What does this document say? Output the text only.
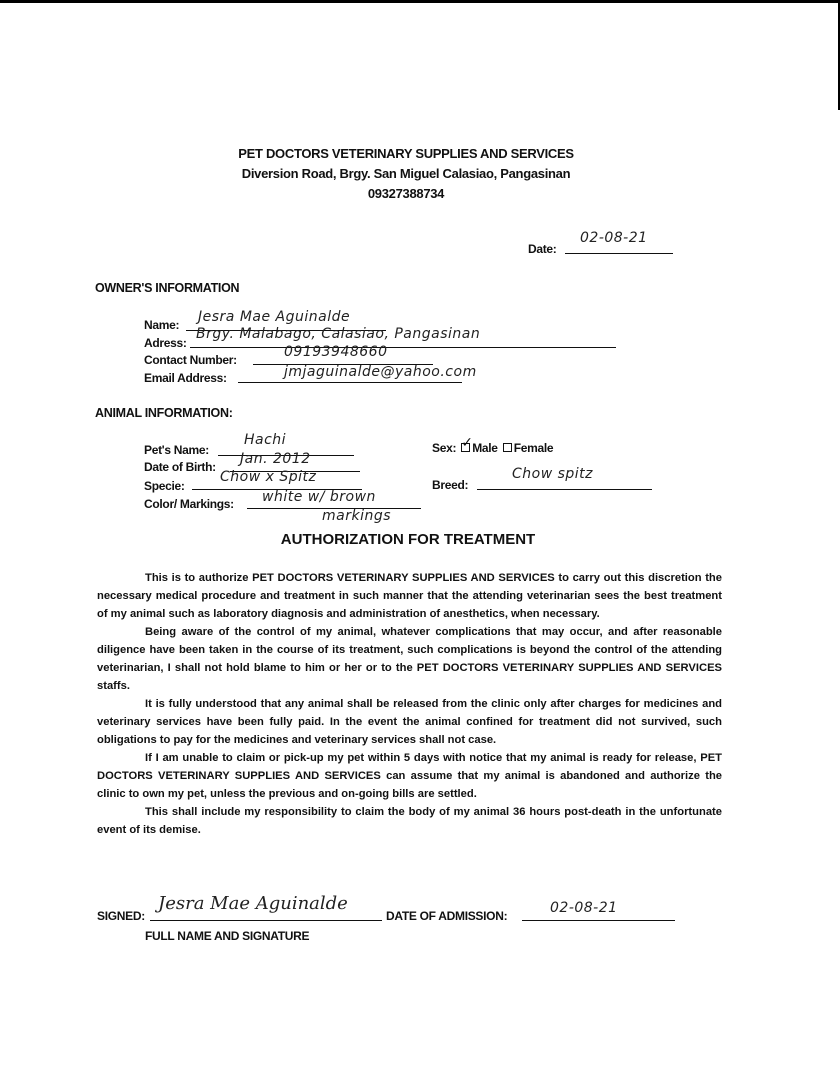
PET DOCTORS VETERINARY SUPPLIES AND SERVICES
Diversion Road, Brgy. San Miguel Calasiao, Pangasinan
09327388734
Date:
02-08-21
OWNER'S INFORMATION
Name: Jesra Mae Aguinalde
Adress:
Brgy. Malabago, Calasiao, Pangasinan
Contact Number:	09193948660
Email Address:	jmjaguinalde@yahoo.com
ANIMAL INFORMATION:
Pet's Name:
Hachi
Date of Birth: Jan. 2012
Specie:
Chow x Spitz
Color/ Markings: white w/ brown
markings
Sex: ✓ Male Female
Breed:
Chow spitz
AUTHORIZATION FOR TREATMENT

This is to authorize PET DOCTORS VETERINARY SUPPLIES AND SERVICES to carry out this discretion the necessary medical procedure and treatment in such manner that the attending veterinarian sees the best treatment of my animal such as laboratory diagnosis and administration of anesthetics, when necessary.

Being aware of the control of my animal, whatever complications that may occur, and after reasonable diligence have been taken in the course of its treatment, such complications is beyond the control of the attending veterinarian, I shall not hold blame to him or her or to the PET DOCTORS VETERINARY SUPPLIES AND SERVICES staffs.

It is fully understood that any animal shall be released from the clinic only after charges for medicines and veterinary services have been fully paid. In the event the animal confined for treatment did not survived, such obligations to pay for the medicines and veterinary services shall not case.

If I am unable to claim or pick-up my pet within 5 days with notice that my animal is ready for release, PET DOCTORS VETERINARY SUPPLIES AND SERVICES can assume that my animal is abandoned and authorize the clinic to own my pet, unless the previous and on-going bills are settled.

This shall include my responsibility to claim the body of my animal 36 hours post-death in the unfortunate event of its demise.

SIGNED:
Jesra Mae Aguinalde
FULL NAME AND SIGNATURE
DATE OF ADMISSION:	02-08-21
